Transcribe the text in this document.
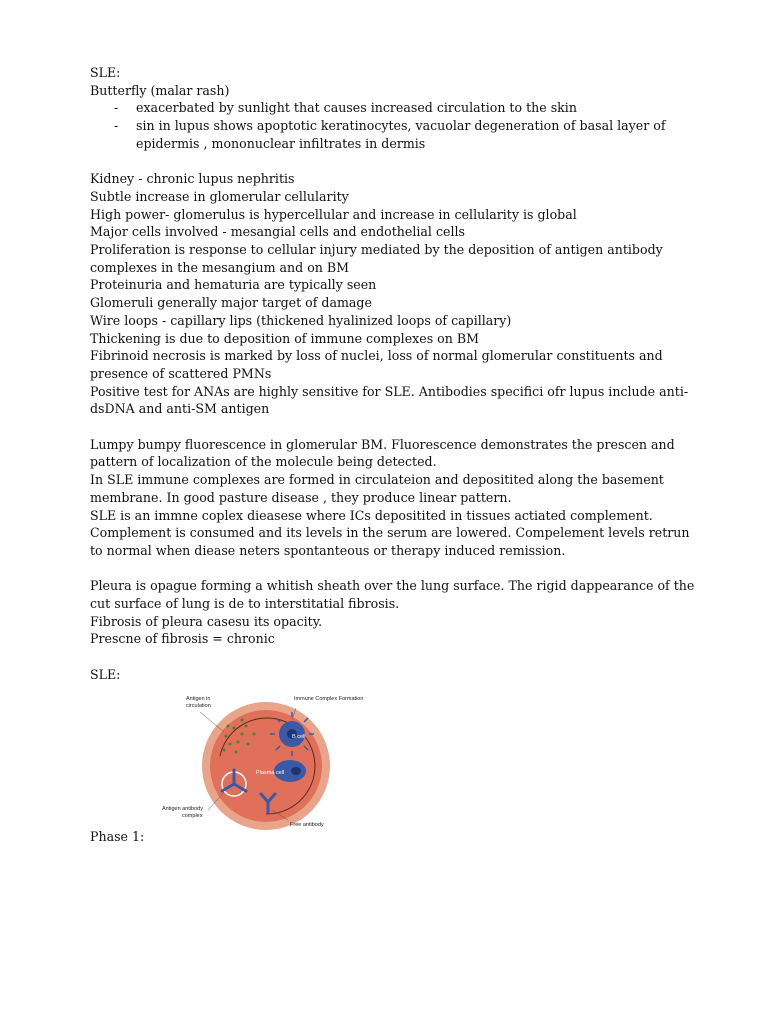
SLE:
Butterfly (malar rash)
- exacerbated by sunlight that causes increased circulation to the skin
- sin in lupus shows apoptotic keratinocytes, vacuolar degeneration of basal layer of
epidermis , mononuclear infiltrates in dermis
Kidney - chronic lupus nephritis
Subtle increase in glomerular cellularity
High power- glomerulus is hypercellular and increase in cellularity is global
Major cells involved - mesangial cells and endothelial cells
Proliferation is response to cellular injury mediated by the deposition of antigen antibody
complexes in the mesangium and on BM
Proteinuria and hematuria are typically seen
Glomeruli generally major target of damage
Wire loops - capillary lips (thickened hyalinized loops of capillary)
Thickening is due to deposition of immune complexes on BM
Fibrinoid necrosis is marked by loss of nuclei, loss of normal glomerular constituents and
presence of scattered PMNs
Positive test for ANAs are highly sensitive for SLE. Antibodies specifici ofr lupus include anti-
dsDNA and anti-SM antigen
Lumpy bumpy fluorescence in glomerular BM. Fluorescence demonstrates the prescen and
pattern of localization of the molecule being detected.
In SLE immune complexes are formed in circulateion and depositited along the basement
membrane. In good pasture disease , they produce linear pattern.
SLE is an immne coplex dieasese where ICs depositited in tissues actiated complement.
Complement is consumed and its levels in the serum are lowered. Compelement levels retrun
to normal when diease neters spontanteous or therapy induced remission.
Pleura is opague forming a whitish sheath over the lung surface. The rigid dappearance of the
cut surface of lung is de to interstitatial fibrosis.
Fibrosis of pleura casesu its opacity.
Prescne of fibrosis = chronic
SLE:
Antigen in
circulation
Immune Complex Formation
B cell
Plasma cell
Antigen antibody
complex
Free antibody
Phase 1:
